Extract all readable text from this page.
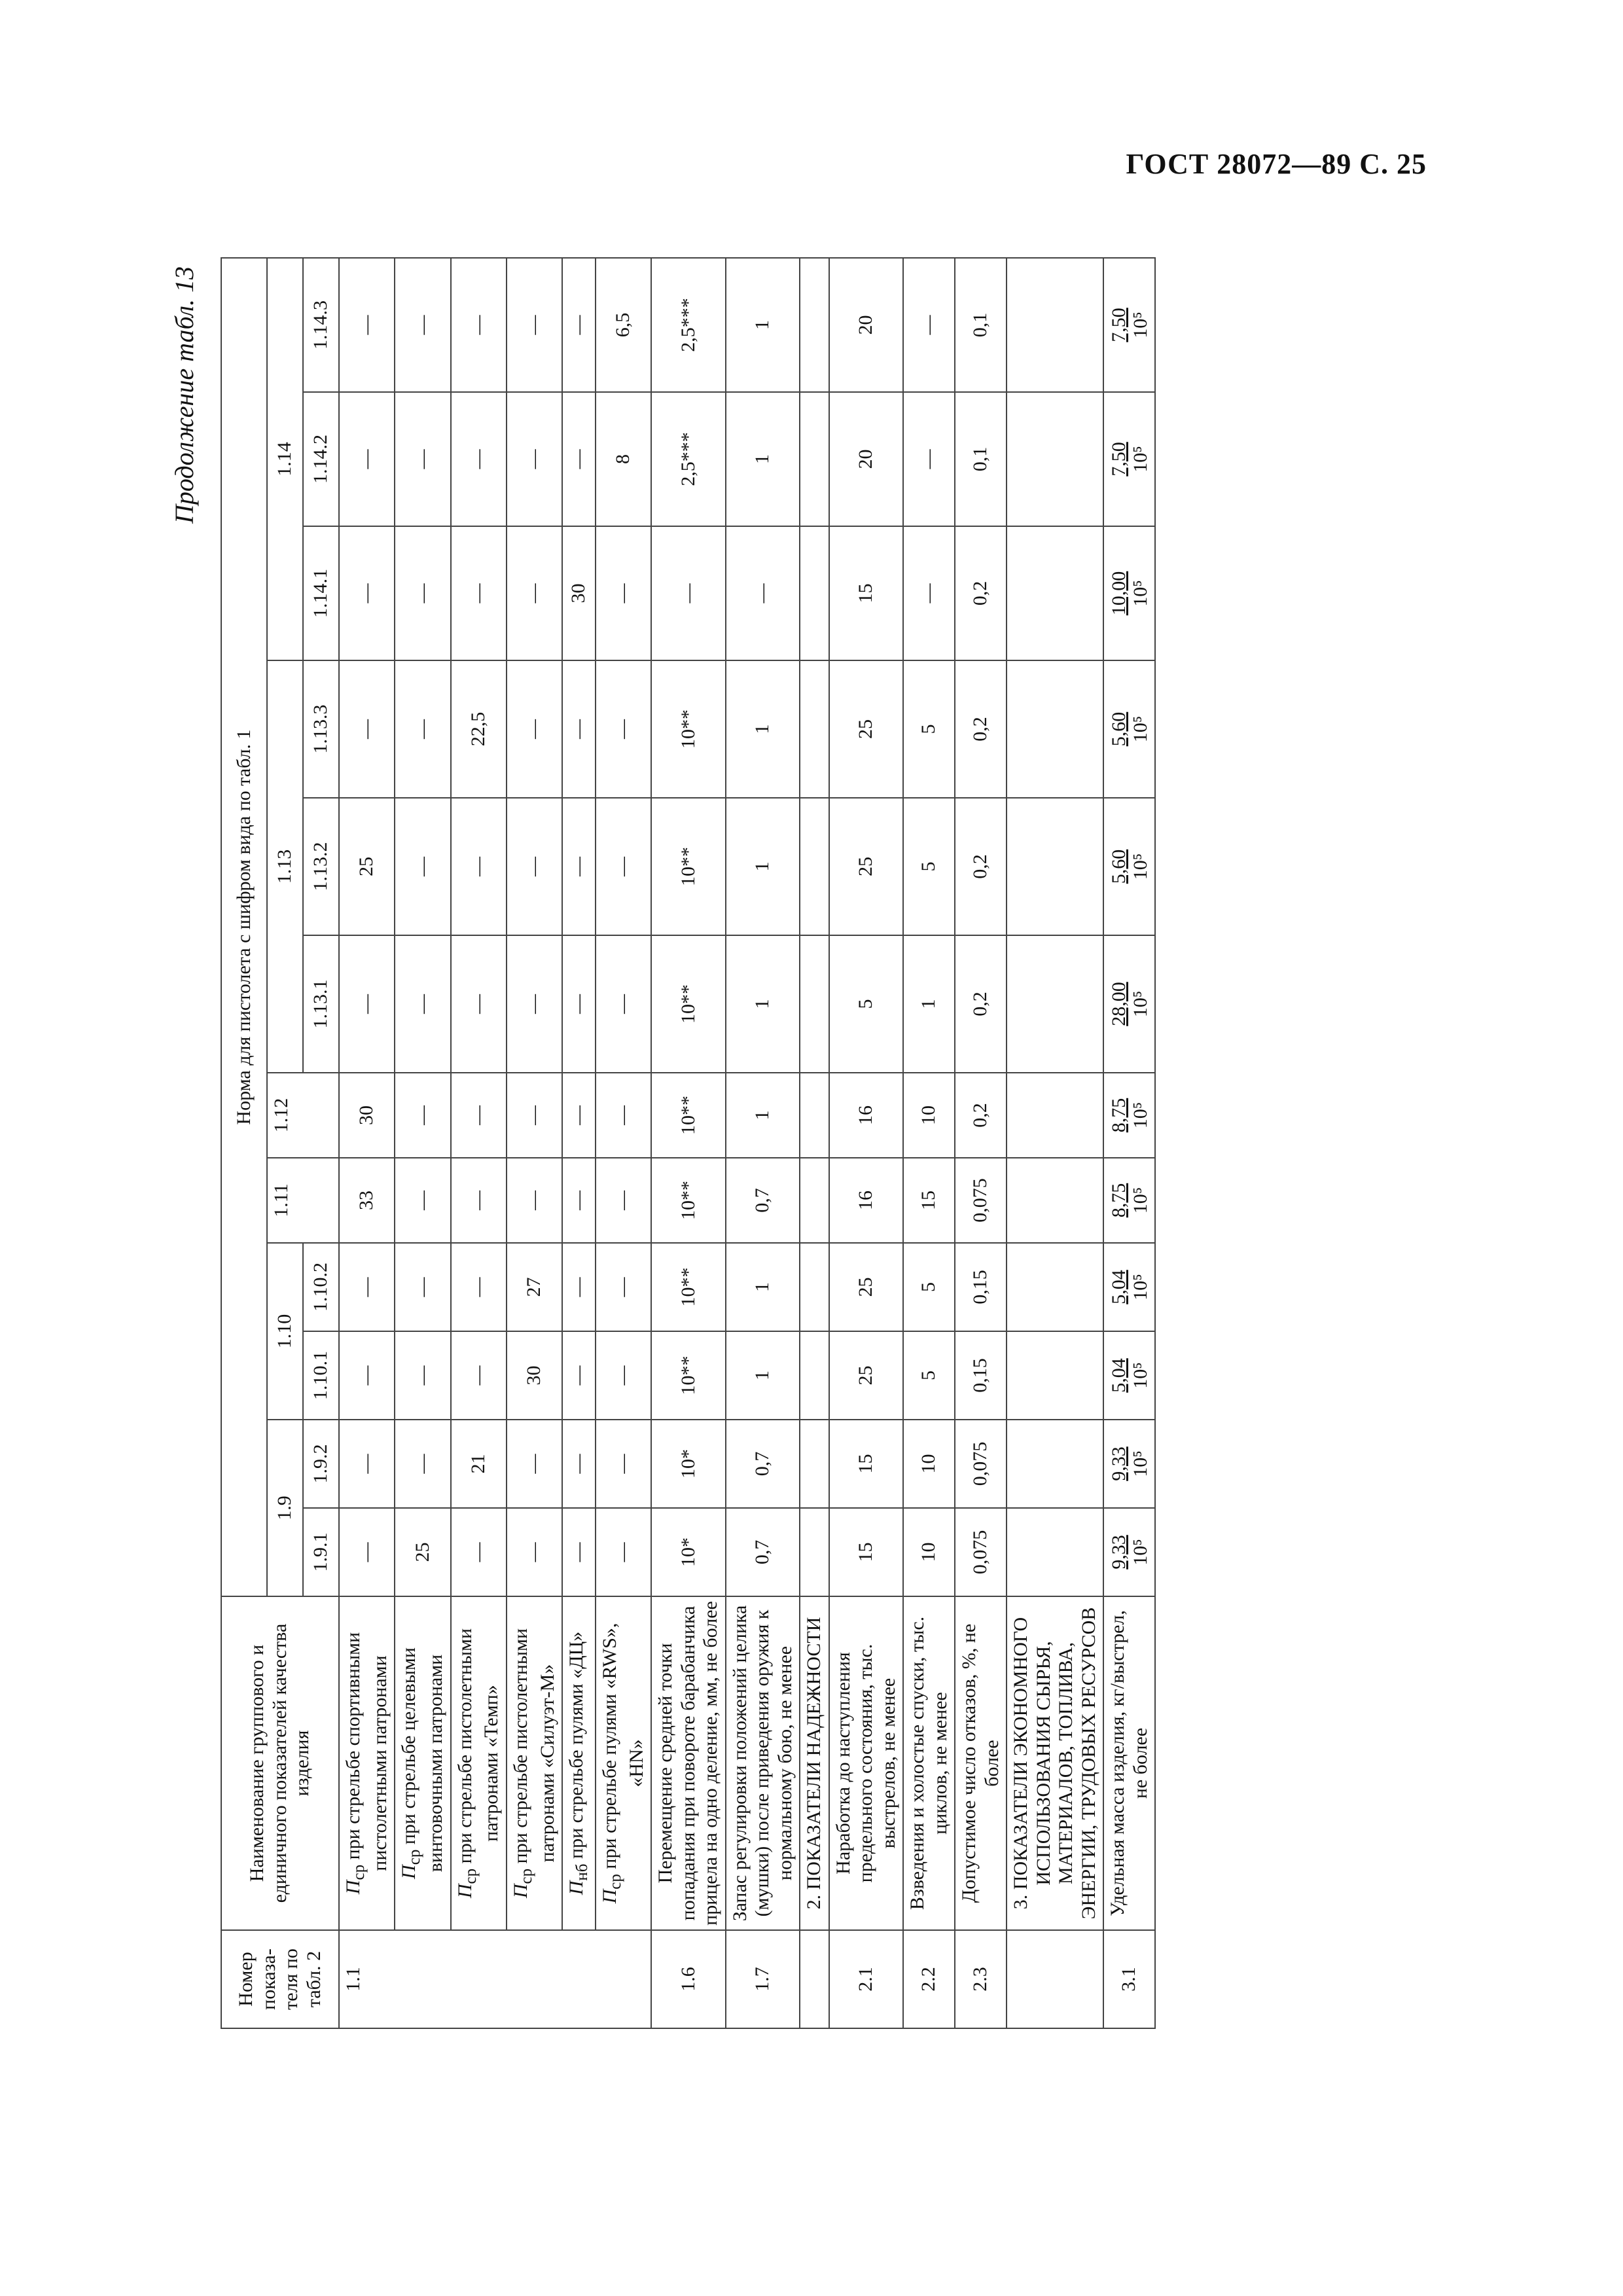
ГОСТ 28072—89 С. 25
Продолжение табл. 13
Номер показа-теля по табл. 2	Наименование группового и единичного показателей качества изделия	Норма для пистолета с шифром вида по табл. 1											
		1.9		1.10		1.11	1.12	1.13			1.14		
		1.9.1	1.9.2	1.10.1	1.10.2			1.13.1	1.13.2	1.13.3	1.14.1	1.14.2	1.14.3
1.1	$П_{ср}$ при стрельбе спортивными пистолетными патронами	—	—	—	—	33	30	—	25	—	—	—	—
	$П_{ср}$ при стрельбе целевыми винтовочными патронами	25	—	—	—	—	—	—	—	—	—	—	—
	$П_{ср}$ при стрельбе пистолетными патронами «Темп»	—	21	—	—	—	—	—	—	22,5	—	—	—
	$П_{ср}$ при стрельбе пистолетными патронами «Силуэт-М»	—	—	30	27	—	—	—	—	—	—	—	—
	$П_{нб}$ при стрельбе пулями «ДЦ»	—	—	—	—	—	—	—	—	—	30	—	—
	$П_{ср}$ при стрельбе пулями «RWS», «HN»	—	—	—	—	—	—	—	—	—	—	8	6,5
1.6	Перемещение средней точки попадания при повороте барабанчика прицела на одно деление, мм, не более	10*	10*	10**	10**	10**	10**	10**	10**	10**	—	2,5***	2,5***
1.7	Запас регулировки положений целика (мушки) после приведения оружия к нормальному бою, не менее	0,7	0,7	1	1	0,7	1	1	1	1	—	1	1
	2. ПОКАЗАТЕЛИ НАДЕЖНОСТИ												
2.1	Наработка до наступления предельного состояния, тыс. выстрелов, не менее	15	15	25	25	16	16	5	25	25	15	20	20
2.2	Взведения и холостые спуски, тыс. циклов, не менее	10	10	5	5	15	10	1	5	5	—	—	—
2.3	Допустимое число отказов, %, не более	0,075	0,075	0,15	0,15	0,075	0,2	0,2	0,2	0,2	0,2	0,1	0,1
	3. ПОКАЗАТЕЛИ ЭКОНОМНОГО ИСПОЛЬЗОВАНИЯ СЫРЬЯ, МАТЕРИАЛОВ, ТОПЛИВА, ЭНЕРГИИ, ТРУДОВЫХ РЕСУРСОВ												
3.1	Удельная масса изделия, кг/выстрел, не более	9,33 10⁵	9,33 10⁵	5,04 10⁵	5,04 10⁵	8,75 10⁵	8,75 10⁵	28,00 10⁵	5,60 10⁵	5,60 10⁵	10,00 10⁵	7,50 10⁵	7,50 10⁵
